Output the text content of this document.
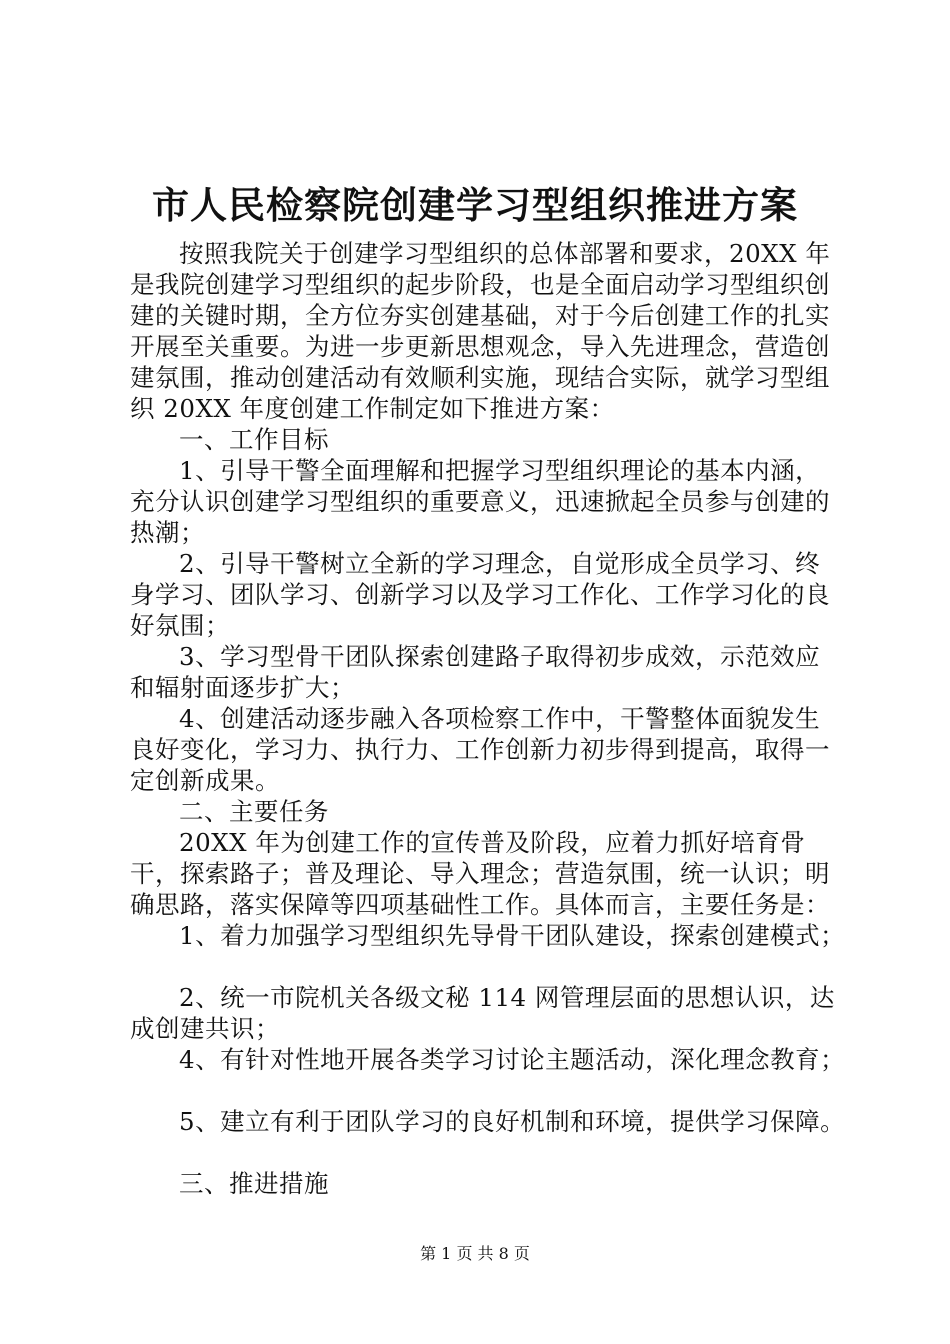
市人民检察院创建学习型组织推进方案

按照我院关于创建学习型组织的总体部署和要求，20XX 年是我院创建学习型组织的起步阶段，也是全面启动学习型组织创建的关键时期，全方位夯实创建基础，对于今后创建工作的扎实开展至关重要。为进一步更新思想观念，导入先进理念，营造创建氛围，推动创建活动有效顺利实施，现结合实际，就学习型组织 20XX 年度创建工作制定如下推进方案：

一、工作目标

1、引导干警全面理解和把握学习型组织理论的基本内涵，充分认识创建学习型组织的重要意义，迅速掀起全员参与创建的热潮；

2、引导干警树立全新的学习理念，自觉形成全员学习、终身学习、团队学习、创新学习以及学习工作化、工作学习化的良好氛围；

3、学习型骨干团队探索创建路子取得初步成效，示范效应和辐射面逐步扩大；

4、创建活动逐步融入各项检察工作中，干警整体面貌发生良好变化，学习力、执行力、工作创新力初步得到提高，取得一定创新成果。

二、主要任务

20XX 年为创建工作的宣传普及阶段，应着力抓好培育骨干，探索路子；普及理论、导入理念；营造氛围，统一认识；明确思路，落实保障等四项基础性工作。具体而言，主要任务是：

1、着力加强学习型组织先导骨干团队建设，探索创建模式；

2、统一市院机关各级文秘 114 网管理层面的思想认识，达成创建共识；

4、有针对性地开展各类学习讨论主题活动，深化理念教育；

5、建立有利于团队学习的良好机制和环境，提供学习保障。

三、推进措施

第 1 页 共 8 页
